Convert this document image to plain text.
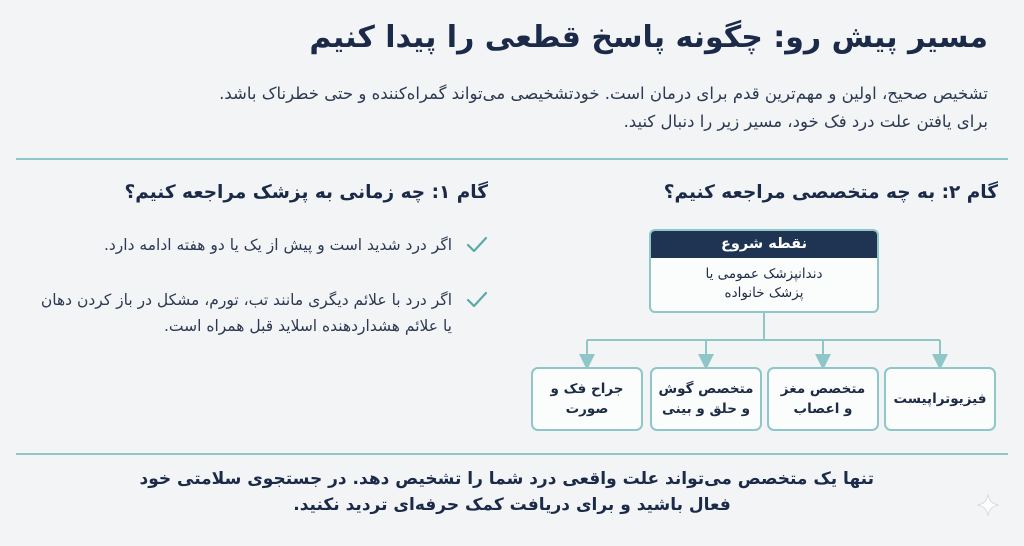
مسیر پیش رو: چگونه پاسخ قطعی را پیدا کنیم
تشخیص صحیح، اولین و مهم‌ترین قدم برای درمان است. خودتشخیصی می‌تواند گمراه‌کننده و حتی خطرناک باشد.
برای یافتن علت درد فک خود، مسیر زیر را دنبال کنید.
گام ۲: به چه متخصصی مراجعه کنیم؟
گام ۱: چه زمانی به پزشک مراجعه کنیم؟
اگر درد شدید است و پیش از یک یا دو هفته ادامه دارد.
اگر درد با علائم دیگری مانند تب، تورم، مشکل در باز کردن دهان یا علائم هشداردهنده اسلاید قبل همراه است.
نقطه شروع
دندانپزشک عمومی یا
پزشک خانواده
فیزیوتراپیست
متخصص مغز و اعصاب
متخصص گوش و حلق و بینی
جراح فک و صورت
تنها یک متخصص می‌تواند علت واقعی درد شما را تشخیص دهد. در جستجوی سلامتی خود
فعال باشید و برای دریافت کمک حرفه‌ای تردید نکنید.
